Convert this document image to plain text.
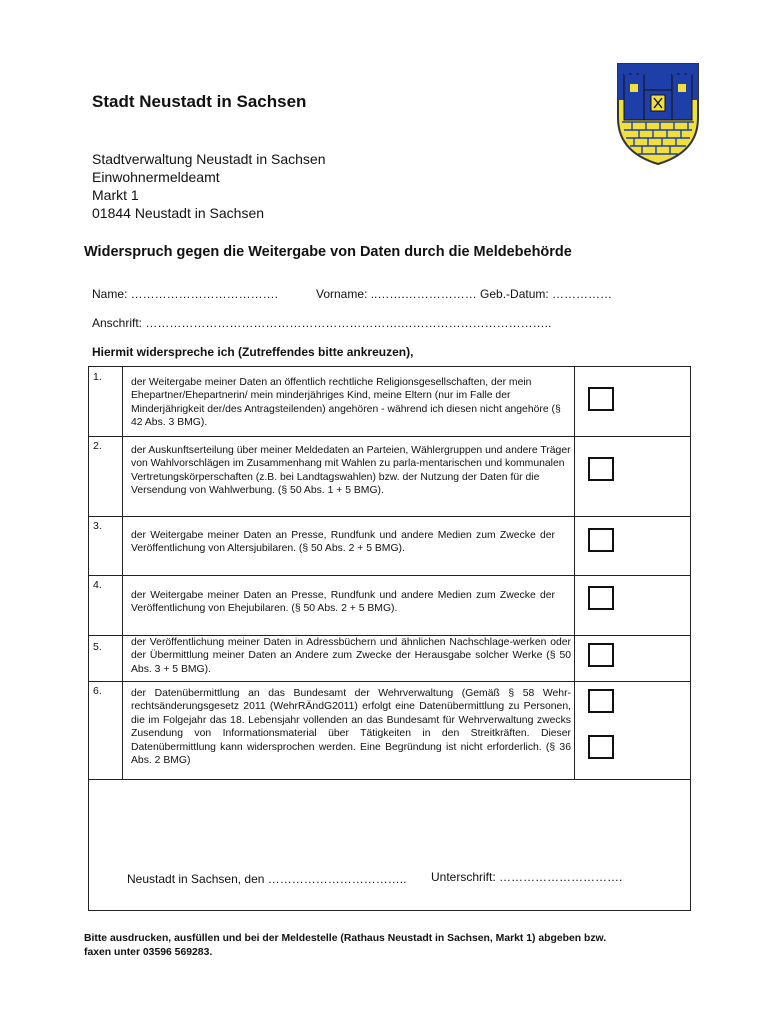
Stadt Neustadt in Sachsen
Stadtverwaltung Neustadt in Sachsen
Einwohnermeldeamt
Markt 1
01844 Neustadt in Sachsen
Widerspruch gegen die Weitergabe von Daten durch die Meldebehörde
Name: ……………………………….	Vorname: ..…….……………… Geb.-Datum: ……………
Anschrift: ……………………………………………………….………………………………..
Hiermit widerspreche ich (Zutreffendes bitte ankreuzen),
1.	der Weitergabe meiner Daten an öffentlich rechtliche Religionsgesellschaften, der mein Ehepartner/Ehepartnerin/ mein minderjähriges Kind, meine Eltern (nur im Falle der Minderjährigkeit der/des Antragsteilenden) angehören - während ich diesen nicht angehöre (§ 42 Abs. 3 BMG).
2.	der Auskunftserteilung über meiner Meldedaten an Parteien, Wählergruppen und andere Träger von Wahlvorschlägen im Zusammenhang mit Wahlen zu parla-mentarischen und kommunalen Vertretungskörperschaften (z.B. bei Landtagswahlen) bzw. der Nutzung der Daten für die Versendung von Wahlwerbung. (§ 50 Abs. 1 + 5 BMG).
3.
der Weitergabe meiner Daten an Presse, Rundfunk und andere Medien zum Zwecke der Veröffentlichung von Altersjubilaren. (§ 50 Abs. 2 + 5 BMG).
4.
der Weitergabe meiner Daten an Presse, Rundfunk und andere Medien zum Zwecke der Veröffentlichung von Ehejubilaren. (§ 50 Abs. 2 + 5 BMG).
5.	der Veröffentlichung meiner Daten in Adressbüchern und ähnlichen Nachschlage-werken oder der Übermittlung meiner Daten an Andere zum Zwecke der Herausgabe solcher Werke (§ 50 Abs. 3 + 5 BMG).
6.	der Datenübermittlung an das Bundesamt der Wehrverwaltung (Gemäß § 58 Wehr-rechtsänderungsgesetz 2011 (WehrRÄndG2011) erfolgt eine Datenübermittlung zu Personen, die im Folgejahr das 18. Lebensjahr vollenden an das Bundesamt für Wehrverwaltung zwecks Zusendung von Informationsmaterial über Tätigkeiten in den Streitkräften. Dieser Datenübermittlung kann widersprochen werden. Eine Begründung ist nicht erforderlich. (§ 36 Abs. 2 BMG)
Neustadt in Sachsen, den …………………………….. Unterschrift: ………………………….
Bitte ausdrucken, ausfüllen und bei der Meldestelle (Rathaus Neustadt in Sachsen, Markt 1) abgeben bzw.
faxen unter 03596 569283.
